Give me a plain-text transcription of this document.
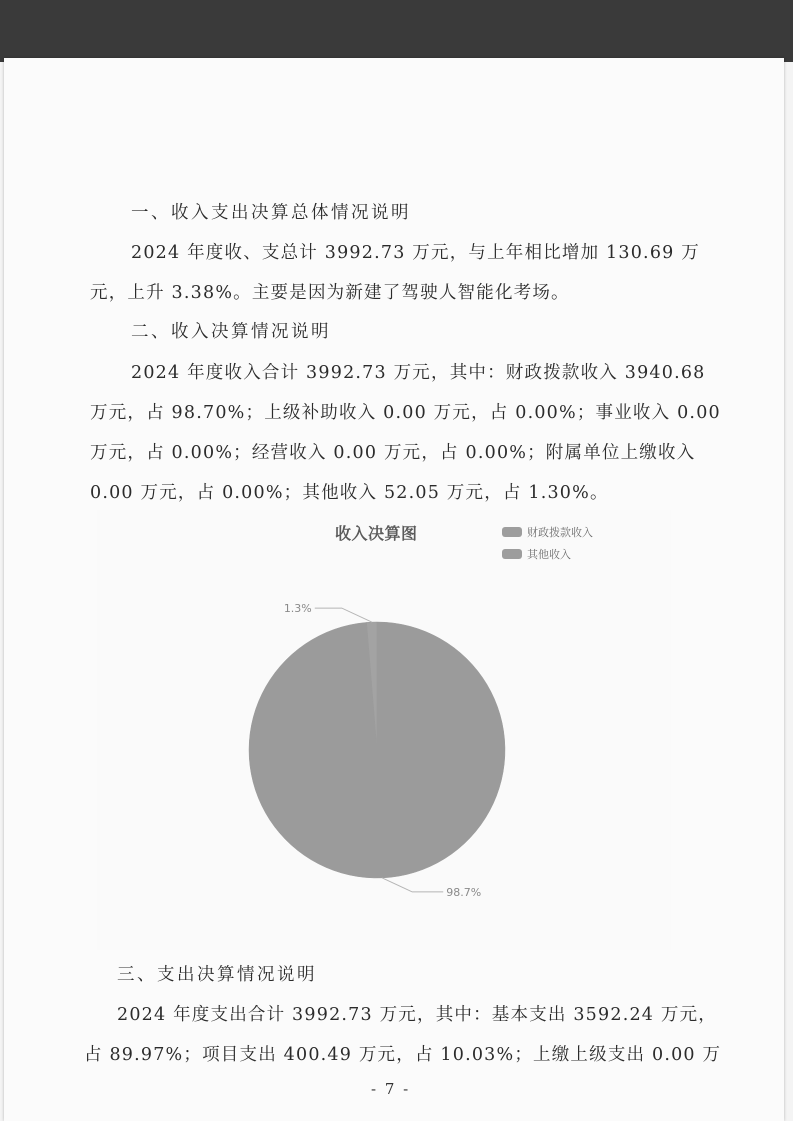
一、收入支出决算总体情况说明
2024 年度收、支总计 3992.73 万元，与上年相比增加 130.69 万
元，上升 3.38%。主要是因为新建了驾驶人智能化考场。
二、收入决算情况说明
2024 年度收入合计 3992.73 万元，其中：财政拨款收入 3940.68
万元，占 98.70%；上级补助收入 0.00 万元，占 0.00%；事业收入 0.00
万元，占 0.00%；经营收入 0.00 万元，占 0.00%；附属单位上缴收入
0.00 万元，占 0.00%；其他收入 52.05 万元，占 1.30%。
收入决算图	财政拨款收入
其他收入
1.3%
98.7%
三、支出决算情况说明
2024 年度支出合计 3992.73 万元，其中：基本支出 3592.24 万元，
占 89.97%；项目支出 400.49 万元，占 10.03%；上缴上级支出 0.00 万
- 7 -
